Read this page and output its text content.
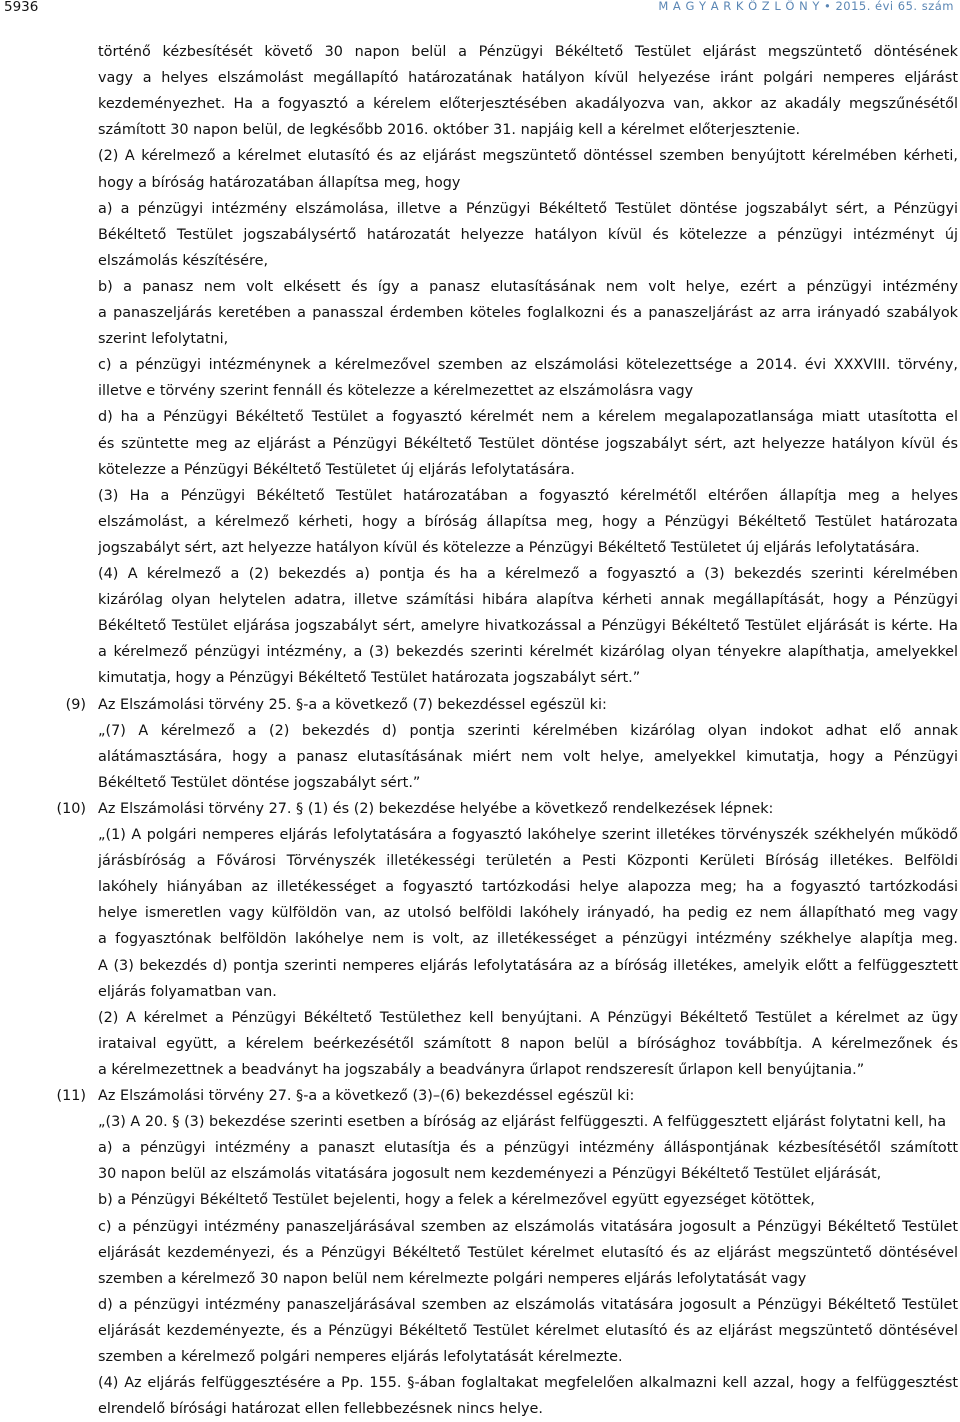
5936	M A G Y A R K Ö Z L Ö N Y • 2015. évi 65. szám
történő kézbesítését követő 30 napon belül a Pénzügyi Békéltető Testület eljárást megszüntető döntésének
vagy a helyes elszámolást megállapító határozatának hatályon kívül helyezése iránt polgári nemperes eljárást
kezdeményezhet. Ha a fogyasztó a kérelem előterjesztésében akadályozva van, akkor az akadály megszűnésétől
számított 30 napon belül, de legkésőbb 2016. október 31. napjáig kell a kérelmet előterjesztenie.
(2) A kérelmező a kérelmet elutasító és az eljárást megszüntető döntéssel szemben benyújtott kérelmében kérheti,
hogy a bíróság határozatában állapítsa meg, hogy
a) a pénzügyi intézmény elszámolása, illetve a Pénzügyi Békéltető Testület döntése jogszabályt sért, a Pénzügyi
Békéltető Testület jogszabálysértő határozatát helyezze hatályon kívül és kötelezze a pénzügyi intézményt új
elszámolás készítésére,
b) a panasz nem volt elkésett és így a panasz elutasításának nem volt helye, ezért a pénzügyi intézmény
a panaszeljárás keretében a panasszal érdemben köteles foglalkozni és a panaszeljárást az arra irányadó szabályok
szerint lefolytatni,
c) a pénzügyi intézménynek a kérelmezővel szemben az elszámolási kötelezettsége a 2014. évi XXXVIII. törvény,
illetve e törvény szerint fennáll és kötelezze a kérelmezettet az elszámolásra vagy
d) ha a Pénzügyi Békéltető Testület a fogyasztó kérelmét nem a kérelem megalapozatlansága miatt utasította el
és szüntette meg az eljárást a Pénzügyi Békéltető Testület döntése jogszabályt sért, azt helyezze hatályon kívül és
kötelezze a Pénzügyi Békéltető Testületet új eljárás lefolytatására.
(3) Ha a Pénzügyi Békéltető Testület határozatában a fogyasztó kérelmétől eltérően állapítja meg a helyes
elszámolást, a kérelmező kérheti, hogy a bíróság állapítsa meg, hogy a Pénzügyi Békéltető Testület határozata
jogszabályt sért, azt helyezze hatályon kívül és kötelezze a Pénzügyi Békéltető Testületet új eljárás lefolytatására.
(4) A kérelmező a (2) bekezdés a) pontja és ha a kérelmező a fogyasztó a (3) bekezdés szerinti kérelmében
kizárólag olyan helytelen adatra, illetve számítási hibára alapítva kérheti annak megállapítását, hogy a Pénzügyi
Békéltető Testület eljárása jogszabályt sért, amelyre hivatkozással a Pénzügyi Békéltető Testület eljárását is kérte. Ha
a kérelmező pénzügyi intézmény, a (3) bekezdés szerinti kérelmét kizárólag olyan tényekre alapíthatja, amelyekkel
kimutatja, hogy a Pénzügyi Békéltető Testület határozata jogszabályt sért.”
(9) Az Elszámolási törvény 25. §-a a következő (7) bekezdéssel egészül ki:
„(7) A kérelmező a (2) bekezdés d) pontja szerinti kérelmében kizárólag olyan indokot adhat elő annak
alátámasztására, hogy a panasz elutasításának miért nem volt helye, amelyekkel kimutatja, hogy a Pénzügyi
Békéltető Testület döntése jogszabályt sért.”
(10) Az Elszámolási törvény 27. § (1) és (2) bekezdése helyébe a következő rendelkezések lépnek:
„(1) A polgári nemperes eljárás lefolytatására a fogyasztó lakóhelye szerint illetékes törvényszék székhelyén működő
járásbíróság a Fővárosi Törvényszék illetékességi területén a Pesti Központi Kerületi Bíróság illetékes. Belföldi
lakóhely hiányában az illetékességet a fogyasztó tartózkodási helye alapozza meg; ha a fogyasztó tartózkodási
helye ismeretlen vagy külföldön van, az utolsó belföldi lakóhely irányadó, ha pedig ez nem állapítható meg vagy
a fogyasztónak belföldön lakóhelye nem is volt, az illetékességet a pénzügyi intézmény székhelye alapítja meg.
A (3) bekezdés d) pontja szerinti nemperes eljárás lefolytatására az a bíróság illetékes, amelyik előtt a felfüggesztett
eljárás folyamatban van.
(2) A kérelmet a Pénzügyi Békéltető Testülethez kell benyújtani. A Pénzügyi Békéltető Testület a kérelmet az ügy
irataival együtt, a kérelem beérkezésétől számított 8 napon belül a bírósághoz továbbítja. A kérelmezőnek és
a kérelmezettnek a beadványt ha jogszabály a beadványra űrlapot rendszeresít űrlapon kell benyújtania.”
(11) Az Elszámolási törvény 27. §-a a következő (3)–(6) bekezdéssel egészül ki:
„(3) A 20. § (3) bekezdése szerinti esetben a bíróság az eljárást felfüggeszti. A felfüggesztett eljárást folytatni kell, ha
a) a pénzügyi intézmény a panaszt elutasítja és a pénzügyi intézmény álláspontjának kézbesítésétől számított
30 napon belül az elszámolás vitatására jogosult nem kezdeményezi a Pénzügyi Békéltető Testület eljárását,
b) a Pénzügyi Békéltető Testület bejelenti, hogy a felek a kérelmezővel együtt egyezséget kötöttek,
c) a pénzügyi intézmény panaszeljárásával szemben az elszámolás vitatására jogosult a Pénzügyi Békéltető Testület
eljárását kezdeményezi, és a Pénzügyi Békéltető Testület kérelmet elutasító és az eljárást megszüntető döntésével
szemben a kérelmező 30 napon belül nem kérelmezte polgári nemperes eljárás lefolytatását vagy
d) a pénzügyi intézmény panaszeljárásával szemben az elszámolás vitatására jogosult a Pénzügyi Békéltető Testület
eljárását kezdeményezte, és a Pénzügyi Békéltető Testület kérelmet elutasító és az eljárást megszüntető döntésével
szemben a kérelmező polgári nemperes eljárás lefolytatását kérelmezte.
(4) Az eljárás felfüggesztésére a Pp. 155. §-ában foglaltakat megfelelően alkalmazni kell azzal, hogy a felfüggesztést
elrendelő bírósági határozat ellen fellebbezésnek nincs helye.
